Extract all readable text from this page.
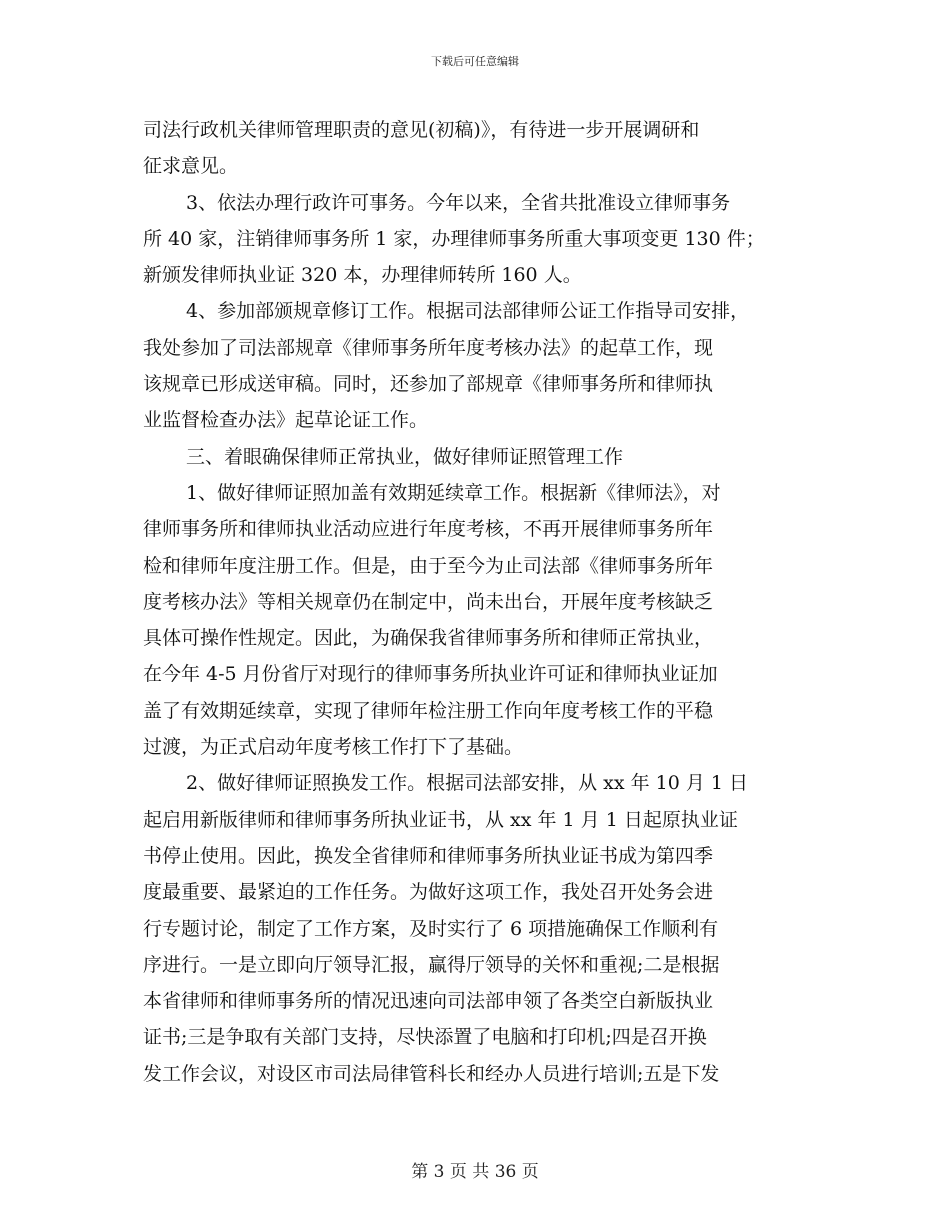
下载后可任意编辑
司法行政机关律师管理职责的意见(初稿)》，有待进一步开展调研和
征求意见。
3、依法办理行政许可事务。今年以来，全省共批准设立律师事务
所 40 家，注销律师事务所 1 家，办理律师事务所重大事项变更 130 件；
新颁发律师执业证 320 本，办理律师转所 160 人。
4、参加部颁规章修订工作。根据司法部律师公证工作指导司安排，
我处参加了司法部规章《律师事务所年度考核办法》的起草工作，现
该规章已形成送审稿。同时，还参加了部规章《律师事务所和律师执
业监督检查办法》起草论证工作。
三、着眼确保律师正常执业，做好律师证照管理工作
1、做好律师证照加盖有效期延续章工作。根据新《律师法》，对
律师事务所和律师执业活动应进行年度考核，不再开展律师事务所年
检和律师年度注册工作。但是，由于至今为止司法部《律师事务所年
度考核办法》等相关规章仍在制定中，尚未出台，开展年度考核缺乏
具体可操作性规定。因此，为确保我省律师事务所和律师正常执业，
在今年 4-5 月份省厅对现行的律师事务所执业许可证和律师执业证加
盖了有效期延续章，实现了律师年检注册工作向年度考核工作的平稳
过渡，为正式启动年度考核工作打下了基础。
2、做好律师证照换发工作。根据司法部安排，从 xx 年 10 月 1 日
起启用新版律师和律师事务所执业证书，从 xx 年 1 月 1 日起原执业证
书停止使用。因此，换发全省律师和律师事务所执业证书成为第四季
度最重要、最紧迫的工作任务。为做好这项工作，我处召开处务会进
行专题讨论，制定了工作方案，及时实行了 6 项措施确保工作顺利有
序进行。一是立即向厅领导汇报，赢得厅领导的关怀和重视;二是根据
本省律师和律师事务所的情况迅速向司法部申领了各类空白新版执业
证书;三是争取有关部门支持，尽快添置了电脑和打印机;四是召开换
发工作会议，对设区市司法局律管科长和经办人员进行培训;五是下发
第 3 页 共 36 页
